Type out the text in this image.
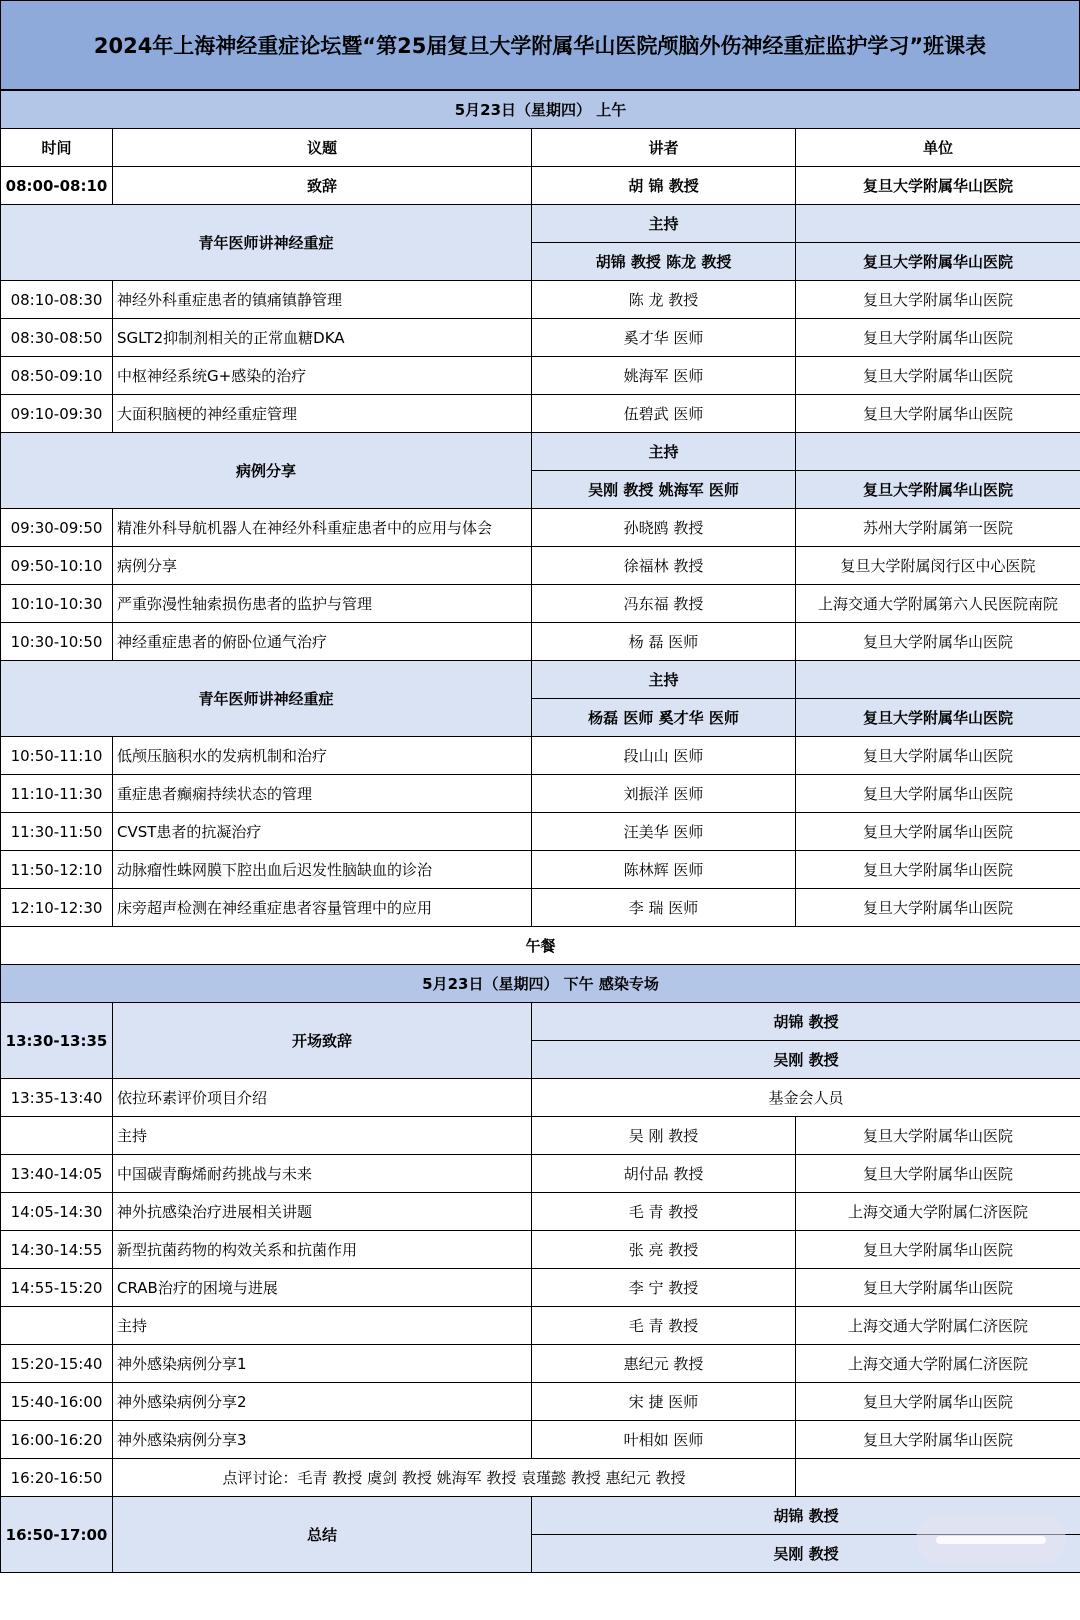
2024年上海神经重症论坛暨“第25届复旦大学附属华山医院颅脑外伤神经重症监护学习”班课表
5月23日（星期四） 上午			
时间	议题	讲者	单位
08:00-08:10	致辞	胡 锦 教授	复旦大学附属华山医院
青年医师讲神经重症		主持	
		胡锦 教授 陈龙 教授	复旦大学附属华山医院
08:10-08:30	神经外科重症患者的镇痛镇静管理	陈 龙 教授	复旦大学附属华山医院
08:30-08:50	SGLT2抑制剂相关的正常血糖DKA	奚才华 医师	复旦大学附属华山医院
08:50-09:10	中枢神经系统G+感染的治疗	姚海军 医师	复旦大学附属华山医院
09:10-09:30	大面积脑梗的神经重症管理	伍碧武 医师	复旦大学附属华山医院
病例分享		主持	
		吴刚 教授 姚海军 医师	复旦大学附属华山医院
09:30-09:50	精准外科导航机器人在神经外科重症患者中的应用与体会	孙晓鸥 教授	苏州大学附属第一医院
09:50-10:10	病例分享	徐福林 教授	复旦大学附属闵行区中心医院
10:10-10:30	严重弥漫性轴索损伤患者的监护与管理	冯东福 教授	上海交通大学附属第六人民医院南院
10:30-10:50	神经重症患者的俯卧位通气治疗	杨 磊 医师	复旦大学附属华山医院
青年医师讲神经重症		主持	
		杨磊 医师 奚才华 医师	复旦大学附属华山医院
10:50-11:10	低颅压脑积水的发病机制和治疗	段山山 医师	复旦大学附属华山医院
11:10-11:30	重症患者癫痫持续状态的管理	刘振洋 医师	复旦大学附属华山医院
11:30-11:50	CVST患者的抗凝治疗	汪美华 医师	复旦大学附属华山医院
11:50-12:10	动脉瘤性蛛网膜下腔出血后迟发性脑缺血的诊治	陈林辉 医师	复旦大学附属华山医院
12:10-12:30	床旁超声检测在神经重症患者容量管理中的应用	李 瑞 医师	复旦大学附属华山医院
午餐			
5月23日（星期四） 下午 感染专场			
13:30-13:35	开场致辞	胡锦 教授	
		吴刚 教授	
13:35-13:40	依拉环素评价项目介绍	基金会人员	
	主持	吴 刚 教授	复旦大学附属华山医院
13:40-14:05	中国碳青酶烯耐药挑战与未来	胡付品 教授	复旦大学附属华山医院
14:05-14:30	神外抗感染治疗进展相关讲题	毛 青 教授	上海交通大学附属仁济医院
14:30-14:55	新型抗菌药物的构效关系和抗菌作用	张 亮 教授	复旦大学附属华山医院
14:55-15:20	CRAB治疗的困境与进展	李 宁 教授	复旦大学附属华山医院
	主持	毛 青 教授	上海交通大学附属仁济医院
15:20-15:40	神外感染病例分享1	惠纪元 教授	上海交通大学附属仁济医院
15:40-16:00	神外感染病例分享2	宋 捷 医师	复旦大学附属华山医院
16:00-16:20	神外感染病例分享3	叶相如 医师	复旦大学附属华山医院
16:20-16:50	点评讨论：毛青 教授 虞剑 教授 姚海军 教授 袁瑾懿 教授 惠纪元 教授		
16:50-17:00	总结	胡锦 教授	
		吴刚 教授	
